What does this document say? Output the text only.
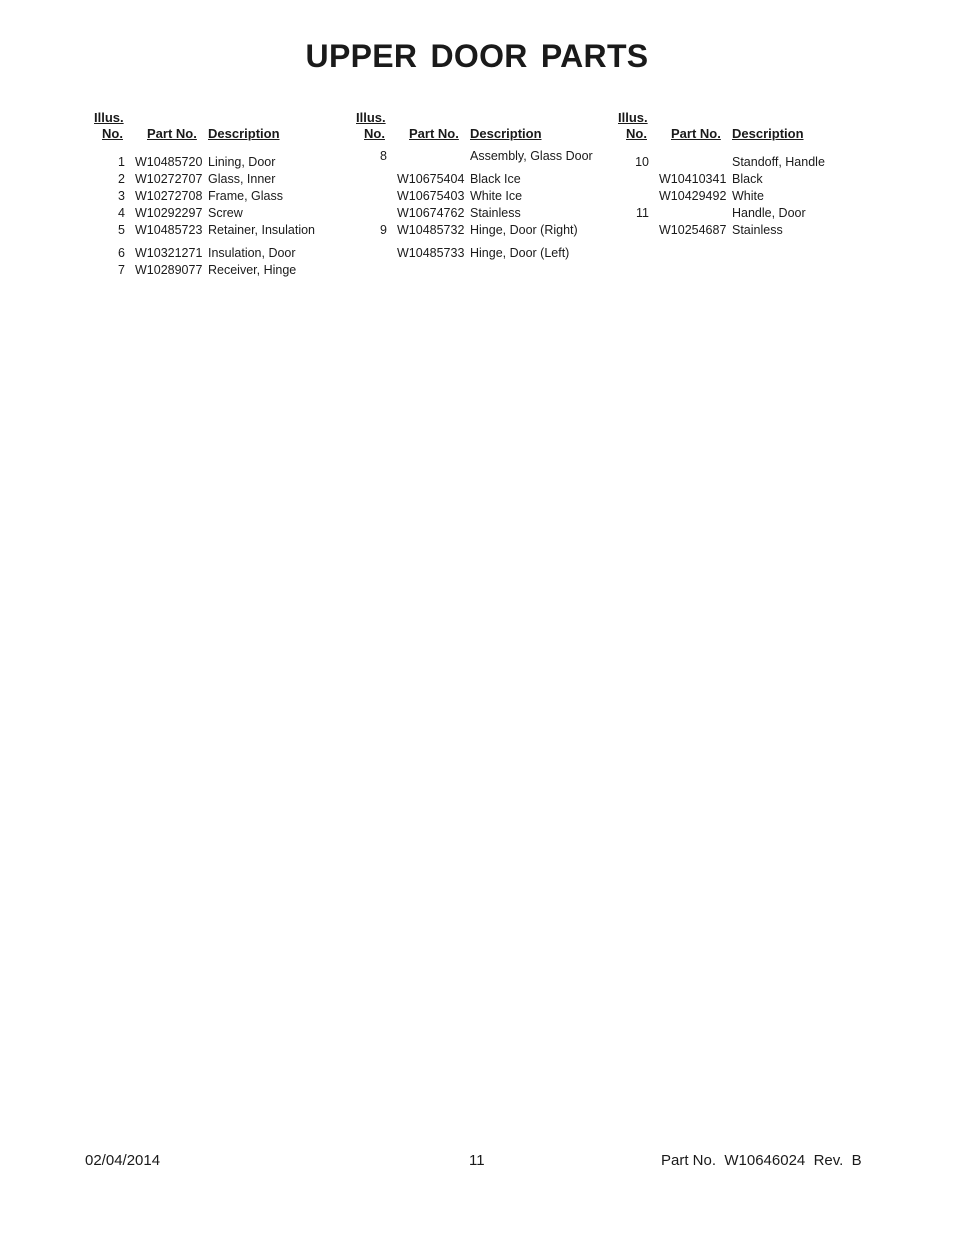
UPPER DOOR PARTS
Illus.
No. Part No. Description
1 W10485720 Lining, Door
2 W10272707 Glass, Inner
3 W10272708 Frame, Glass
4 W10292297 Screw
5 W10485723 Retainer, Insulation
6 W10321271 Insulation, Door
7 W10289077 Receiver, Hinge
Illus.
No. Part No. Description
8	Assembly, Glass Door
W10675404 Black Ice
W10675403 White Ice
W10674762 Stainless
9 W10485732 Hinge, Door (Right)
W10485733 Hinge, Door (Left)
Illus.
No. Part No. Description
10	Standoff, Handle
W10410341 Black
W10429492 White
11	Handle, Door
W10254687 Stainless
02/04/2014	11	Part No.  W10646024  Rev.  B
